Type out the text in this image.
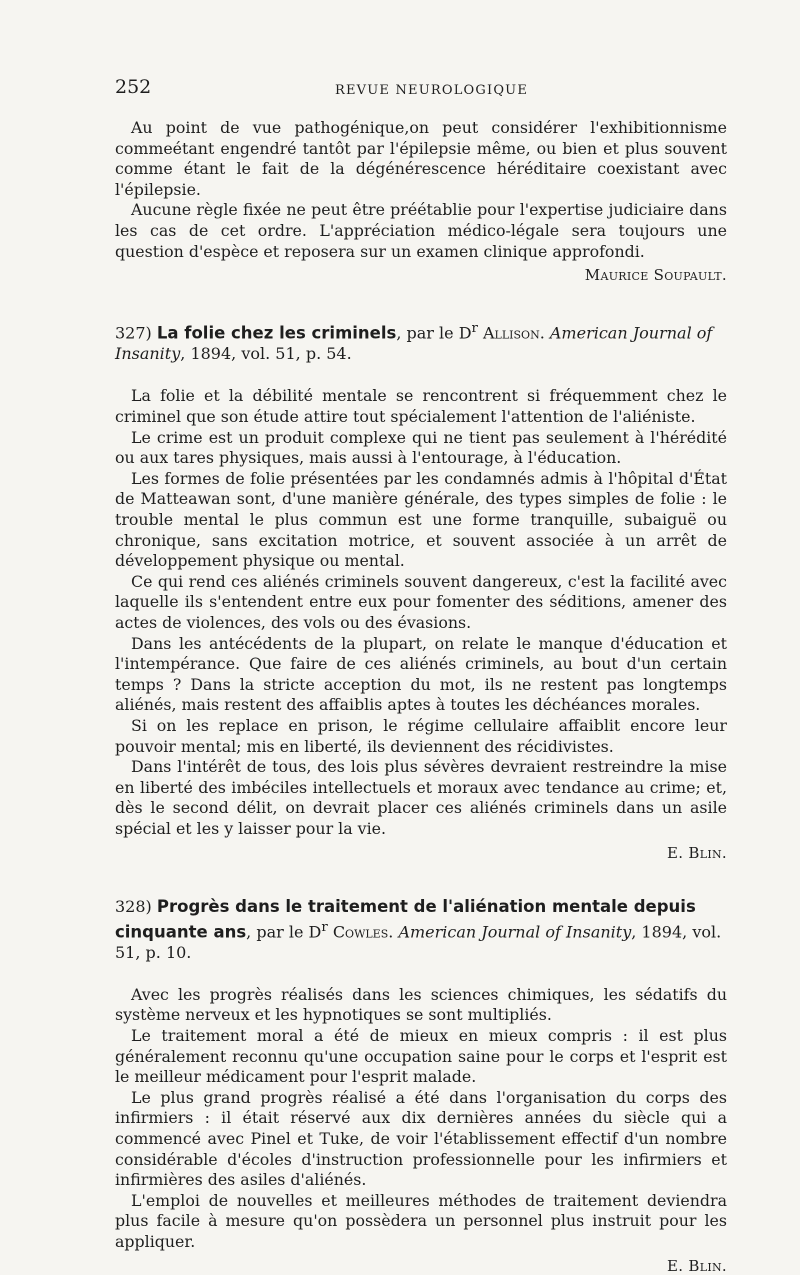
252	REVUE NEUROLOGIQUE

Au point de vue pathogénique,on peut considérer l'exhibitionnisme commeétant engendré tantôt par l'épilepsie même, ou bien et plus souvent comme étant le fait de la dégénérescence héréditaire coexistant avec l'épilepsie.

Aucune règle fixée ne peut être préétablie pour l'expertise judiciaire dans les cas de cet ordre. L'appréciation médico-légale sera toujours une question d'espèce et reposera sur un examen clinique approfondi.

Maurice Soupault.
327) La folie chez les criminels, par le $D^r$ Allison. American Journal of Insanity, 1894, vol. 51, p. 54.

La folie et la débilité mentale se rencontrent si fréquemment chez le criminel que son étude attire tout spécialement l'attention de l'aliéniste.

Le crime est un produit complexe qui ne tient pas seulement à l'hérédité ou aux tares physiques, mais aussi à l'entourage, à l'éducation.

Les formes de folie présentées par les condamnés admis à l'hôpital d'État de Matteawan sont, d'une manière générale, des types simples de folie : le trouble mental le plus commun est une forme tranquille, subaiguë ou chronique, sans excitation motrice, et souvent associée à un arrêt de développement physique ou mental.

Ce qui rend ces aliénés criminels souvent dangereux, c'est la facilité avec laquelle ils s'entendent entre eux pour fomenter des séditions, amener des actes de violences, des vols ou des évasions.

Dans les antécédents de la plupart, on relate le manque d'éducation et l'intempérance. Que faire de ces aliénés criminels, au bout d'un certain temps ? Dans la stricte acception du mot, ils ne restent pas longtemps aliénés, mais restent des affaiblis aptes à toutes les déchéances morales.

Si on les replace en prison, le régime cellulaire affaiblit encore leur pouvoir mental; mis en liberté, ils deviennent des récidivistes.

Dans l'intérêt de tous, des lois plus sévères devraient restreindre la mise en liberté des imbéciles intellectuels et moraux avec tendance au crime; et, dès le second délit, on devrait placer ces aliénés criminels dans un asile spécial et les y laisser pour la vie.

E. Blin.
328) Progrès dans le traitement de l'aliénation mentale depuis cinquante ans, par le $D^r$ Cowles. American Journal of Insanity, 1894, vol. 51, p. 10.

Avec les progrès réalisés dans les sciences chimiques, les sédatifs du système nerveux et les hypnotiques se sont multipliés.

Le traitement moral a été de mieux en mieux compris : il est plus généralement reconnu qu'une occupation saine pour le corps et l'esprit est le meilleur médicament pour l'esprit malade.

Le plus grand progrès réalisé a été dans l'organisation du corps des infirmiers : il était réservé aux dix dernières années du siècle qui a commencé avec Pinel et Tuke, de voir l'établissement effectif d'un nombre considérable d'écoles d'instruction professionnelle pour les infirmiers et infirmières des asiles d'aliénés.

L'emploi de nouvelles et meilleures méthodes de traitement deviendra plus facile à mesure qu'on possèdera un personnel plus instruit pour les appliquer.

E. Blin.
